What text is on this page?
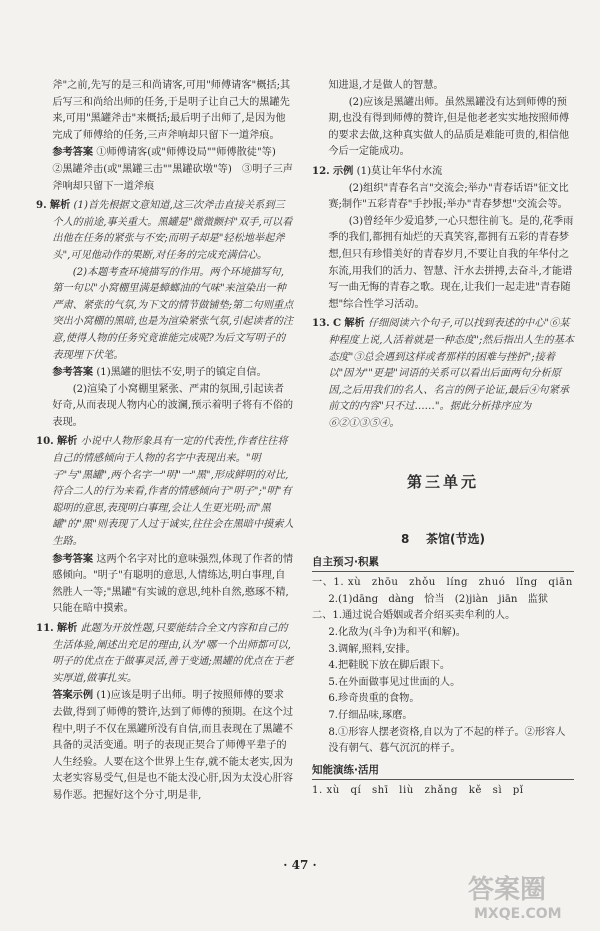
斧"之前,先写的是三和尚请客,可用"师傅请客"概括;其后写三和尚给出师的任务,于是明子让自己大的黑罐先来,可用"黑罐斧击"来概括;最后明子出师了,是因为他完成了师傅给的任务,三声斧响却只留下一道斧痕。

参考答案 ①师傅请客(或"师傅设局""师傅散徒"等)

②黑罐斧击(或"黑罐三击""黑罐砍墩"等)　③明子三声斧响却只留下一道斧痕

9. 解析 (1)首先根据文意知道,这三次斧击直接关系到三个人的前途,事关重大。黑罐是"微微颤抖"双手,可以看出他在任务的紧张与不安;而明子却是"轻松地举起斧头",可见他动作的果断,对任务的完成充满信心。

(2)本题考查环境描写的作用。两个环境描写句,第一句以"小窝棚里满是蟑螂油的气味"来渲染出一种严肃、紧张的气氛,为下文的情节做铺垫;第二句则重点突出小窝棚的黑暗,也是为渲染紧张气氛,引起读者的注意,使得人物的任务究竟谁能完成呢?为后文写明子的表现埋下伏笔。

参考答案 (1)黑罐的胆怯不安,明子的镇定自信。

(2)渲染了小窝棚里紧张、严肃的氛围,引起读者好奇,从而表现人物内心的波澜,预示着明子将有不俗的表现。

10. 解析 小说中人物形象具有一定的代表性,作者往往将自己的情感倾向于人物的名字中表现出来。"明子"与"黑罐",两个名字一"明"一"黑",形成鲜明的对比,符合二人的行为来看,作者的情感倾向于"明子";"明"有聪明的意思,表现明白事理,会让人生更光明;而"黑罐"的"黑"则表现了人过于诚实,往往会在黑暗中摸索人生路。

参考答案 这两个名字对比的意味强烈,体现了作者的情感倾向。"明子"有聪明的意思,人情练达,明白事理,自然胜人一等;"黑罐"有实诚的意思,纯朴自然,憨琢不精,只能在暗中摸索。

11. 解析 此题为开放性题,只要能结合全文内容和自己的生活体验,阐述出充足的理由,认为"哪一个出师都可以,明子的优点在于做事灵活,善于变通;黑罐的优点在于老实厚道,做事扎实。

答案示例 (1)应该是明子出师。明子按照师傅的要求去做,得到了师傅的赞许,达到了师傅的预期。在这个过程中,明子不仅在黑罐所没有自信,而且表现在了黑罐不具备的灵活变通。明子的表现正契合了师傅平辈子的人生经验。人要在这个世界上生存,就不能太老实,因为太老实容易受气,但是也不能太没心肝,因为太没心肝容易作恶。把握好这个分寸,明是非,

知进退,才是做人的智慧。

(2)应该是黑罐出师。虽然黑罐没有达到师傅的预期,也没有得到师傅的赞许,但是他老老实实地按照师傅的要求去做,这种真实做人的品质是难能可贵的,相信他今后一定能成功。

12. 示例 (1)莫让年华付水流

(2)组织"青春名言"交流会;举办"青春话语"征文比赛;制作"五彩青春"手抄报;举办"青春梦想"交流会等。

(3)曾经年少爱追梦,一心只想往前飞。是的,花季雨季的我们,都拥有灿烂的天真笑容,都拥有五彩的青春梦想,但只有珍惜美好的青春岁月,不要让自我的年华付之东流,用我们的活力、智慧、汗水去拼搏,去奋斗,才能谱写一曲无悔的青春之歌。现在,让我们一起走进"青春随想"综合性学习活动。

13. C 解析 仔细阅读六个句子,可以找到表述的中心"⑥某种程度上说,人活着就是一种态度";然后指出人生的基本态度"③总会遇到这样或者那样的困难与挫折";接着以"因为""更是"词语的关系可以看出后面两句分析原因,之后用我们的名人、名言的例子论证,最后④句紧承前文的内容"只不过……"。据此分析排序应为⑥②①③⑤④。

第三单元
8 茶馆(节选)
自主预习·积累

一、1. xù　zhōu　zhǒu　líng　zhuó　lǐng　qiān

2.(1)dāng　dàng　恰当　(2)jiàn　jiān　监狱

二、1.通过说合婚姻或者介绍买卖牟利的人。

2.化敌为(斗争)为和平(和解)。

3.调解,照料,安排。

4.把鞋脱下放在脚后跟下。

5.在外面做事见过世面的人。

6.珍奇贵重的食物。

7.仔细品味,琢磨。

8.①形容人摆老资格,自以为了不起的样子。②形容人没有朝气、暮气沉沉的样子。

知能演练·活用

1. xù　qí　shī　liù　zhǎng　kě　sì　pǐ

· 47 ·
答案圈
MXQE.COM
